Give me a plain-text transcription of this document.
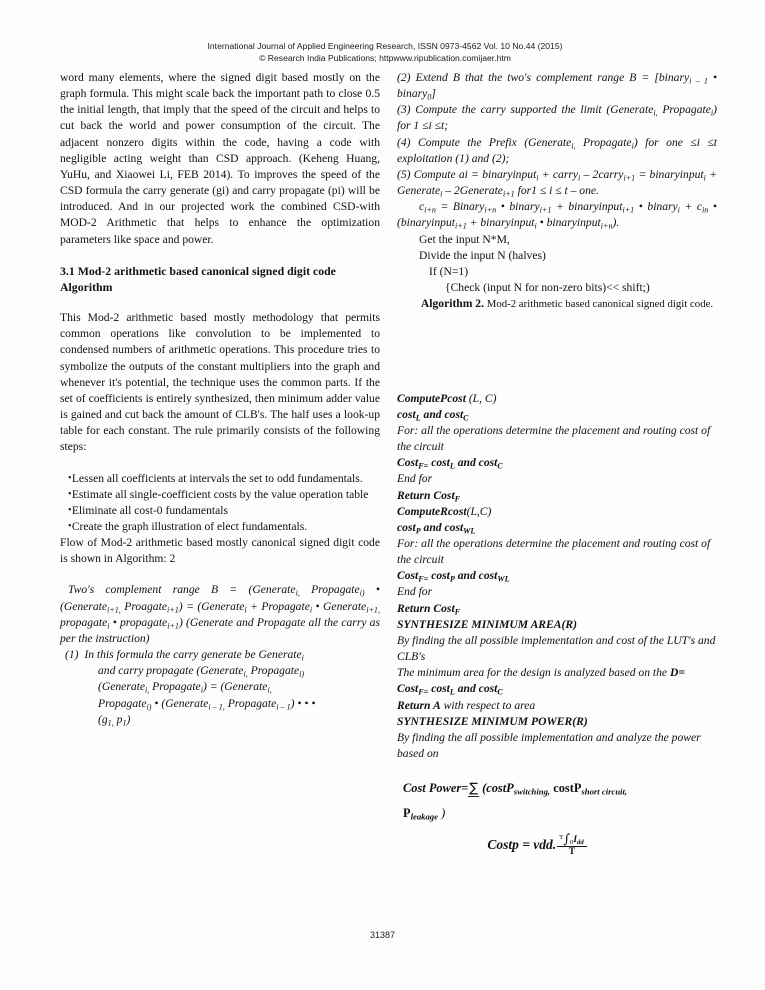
International Journal of Applied Engineering Research, ISSN 0973-4562 Vol. 10 No.44 (2015)
© Research India Publications; httpwww.ripublication.comijaer.htm

word many elements, where the signed digit based mostly on the graph formula. This might scale back the important path to close 0.5 the initial length, that imply that the speed of the circuit and helps to cut back the world and power consumption of the circuit. The adjacent nonzero digits within the code, having a code with negligible acting weight than CSD approach. (Keheng Huang, YuHu, and Xiaowei Li, FEB 2014). To improves the speed of the CSD formula the carry generate (gi) and carry propagate (pi) will be introduced. And in our projected work the combined CSD-with MOD-2 Arithmetic that helps to enhance the optimization parameters like space and power.

3.1 Mod-2 arithmetic based canonical signed digit code Algorithm

This Mod-2 arithmetic based mostly methodology that permits common operations like convolution to be implemented to condensed numbers of arithmetic operations. This procedure tries to symbolize the outputs of the constant multipliers into the graph and whenever it's potential, the technique uses the common parts. If the set of coefficients is entirely synthesized, then minimum adder value is gained and cut back the amount of CLB's. The half uses a look-up table for each constant. The rule primarily consists of the following steps:

•Lessen all coefficients at intervals the set to odd fundamentals.

•Estimate all single-coefficient costs by the value operation table

•Eliminate all cost-0 fundamentals

•Create the graph illustration of elect fundamentals.

Flow of Mod-2 arithmetic based mostly canonical signed digit code is shown in Algorithm: 2

Two's complement range B = (Generate$_{i,}$ Propagate$_{i)}$ • (Generate$_{i+1,}$ Proagate$_{i+1}$) = (Generate$_i$ + Propagate$_i$ • Generate$_{i+1,}$ propagate$_i$ • propagate$_{i+1}$) (Generate and Propagate all the carry as per the instruction)

(1) In this formula the carry generate be Generate$_i$
and carry propagate (Generate$_{i,}$ Propagate$_{i)}$
(Generate$_{i,}$ Propagate$_i$) = (Generate$_{i,}$
Propagate$_{i)}$ • (Generate$_{i - 1,}$ Propagate$_{i - 1}$) • • •
($g_{1,}$ $p_1$)

(2) Extend B that the two's complement range B = [binary$_{i - 1}$ • binary$_0$]

(3) Compute the carry supported the limit (Generate$_{i,}$ Propagate$_i$) for 1 ≤i ≤t;

(4) Compute the Prefix (Generate$_{i,}$ Propagate$_i$) for one ≤i ≤t exploitation (1) and (2);

(5) Compute ai = binaryinput$_i$ + carry$_i$ – 2carry$_{i+1}$ = binaryinput$_i$ + Generate$_i$ – 2Generate$_{i+1}$ for1 ≤ i ≤ t – one.

$c_{i+n}$ = Binary$_{i+n}$ • binary$_{i+1}$ + binaryinput$_{i+1}$ • binary$_i$ + $c_{in}$ • (binaryinput$_{i+1}$ + binaryinput$_i$ • binaryinput$_{i+n}$).

Get the input N*M,

Divide the input N (halves)

If (N=1)

{Check (input N for non-zero bits)<< shift;)

Algorithm 2. Mod-2 arithmetic based canonical signed digit code.

ComputePcost (L, C)

cost$_L$ and cost$_C$

For: all the operations determine the placement and routing cost of the circuit

Cost$_{F=}$ cost$_L$ and cost$_C$

End for

Return Cost$_F$

ComputeRcost(L,C)

cost$_P$ and cost$_{WL}$

For: all the operations determine the placement and routing cost of the circuit

Cost$_{F=}$ cost$_P$ and cost$_{WL}$

End for

Return Cost$_F$

SYNTHESIZE MINIMUM AREA(R)

By finding the all possible implementation and cost of the LUT's and CLB's

The minimum area for the design is analyzed based on the D= Cost$_{F=}$ cost$_L$ and cost$_C$

Return A with respect to area

SYNTHESIZE MINIMUM POWER(R)

By finding the all possible implementation and analyze the power based on

Cost Power=∑ (costP$_{switching,}$ costP$_{short circuit,}$
$P_{leakage}$ )
Costp = vdd. $\frac{^T\int_0I_{dd}}{T}$
31387
